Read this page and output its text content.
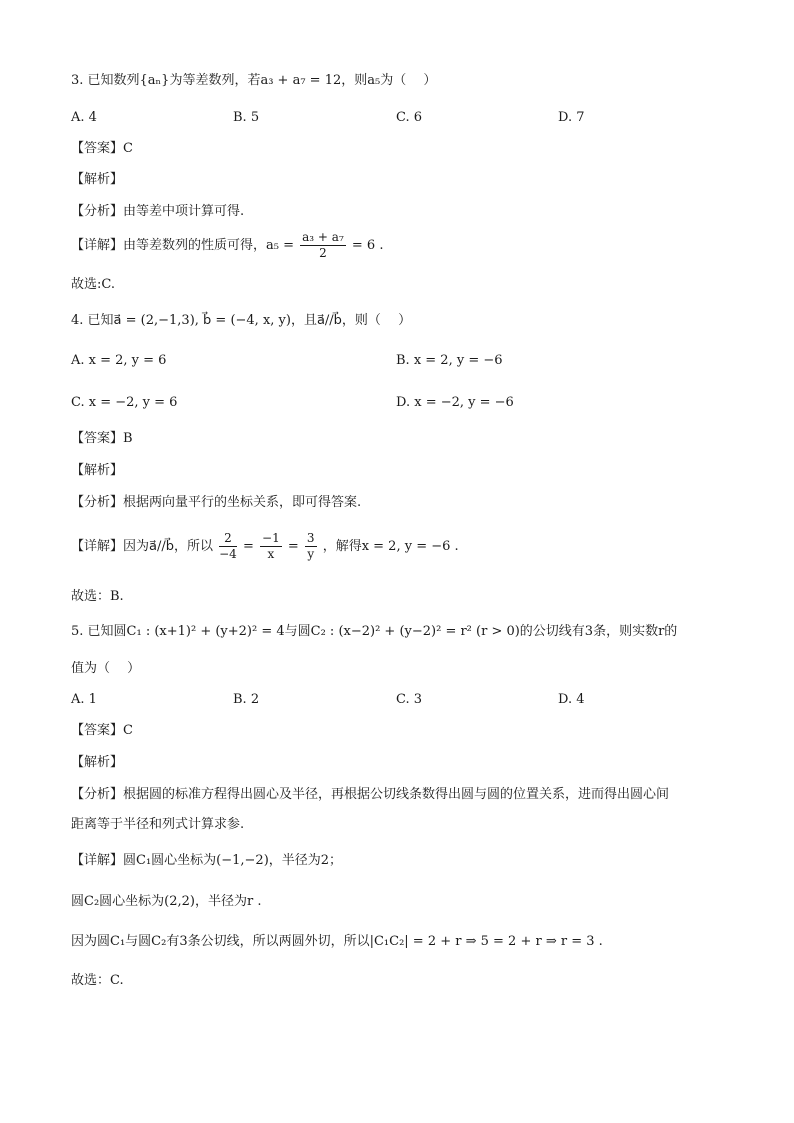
3. 已知数列{aₙ}为等差数列，若a₃ + a₇ = 12，则a₅为（　 ）
A. 4	B. 5	C. 6	D. 7
【答案】C
【解析】
【分析】由等差中项计算可得.
【详解】由等差数列的性质可得，$a_5 = \frac{\text{a₃ + a₇}}{2} = 6$ .
故选:C.
4. 已知a⃗ = (2,−1,3), b⃗ = (−4, x, y)，且a⃗//b⃗，则（　 ）
A. x = 2, y = 6	B. x = 2, y = −6
C. x = −2, y = 6	D. x = −2, y = −6
【答案】B
【解析】
【分析】根据两向量平行的坐标关系，即可得答案.
【详解】因为a⃗//b⃗，所以 $\frac{2}{-4} = \frac{-1}{x} = \frac{3}{y}$ ，解得x = 2, y = −6 .
故选：B.
5. 已知圆C₁ : (x+1)² + (y+2)² = 4与圆C₂ : (x−2)² + (y−2)² = r² (r > 0)的公切线有3条，则实数r的
值为（　 ）
A. 1	B. 2	C. 3	D. 4
【答案】C
【解析】
【分析】根据圆的标准方程得出圆心及半径，再根据公切线条数得出圆与圆的位置关系，进而得出圆心间
距离等于半径和列式计算求参.
【详解】圆C₁圆心坐标为(−1,−2)，半径为2；
圆C₂圆心坐标为(2,2)，半径为r .
因为圆C₁与圆C₂有3条公切线，所以两圆外切，所以|C₁C₂| = 2 + r ⇒ 5 = 2 + r ⇒ r = 3 .
故选：C.
